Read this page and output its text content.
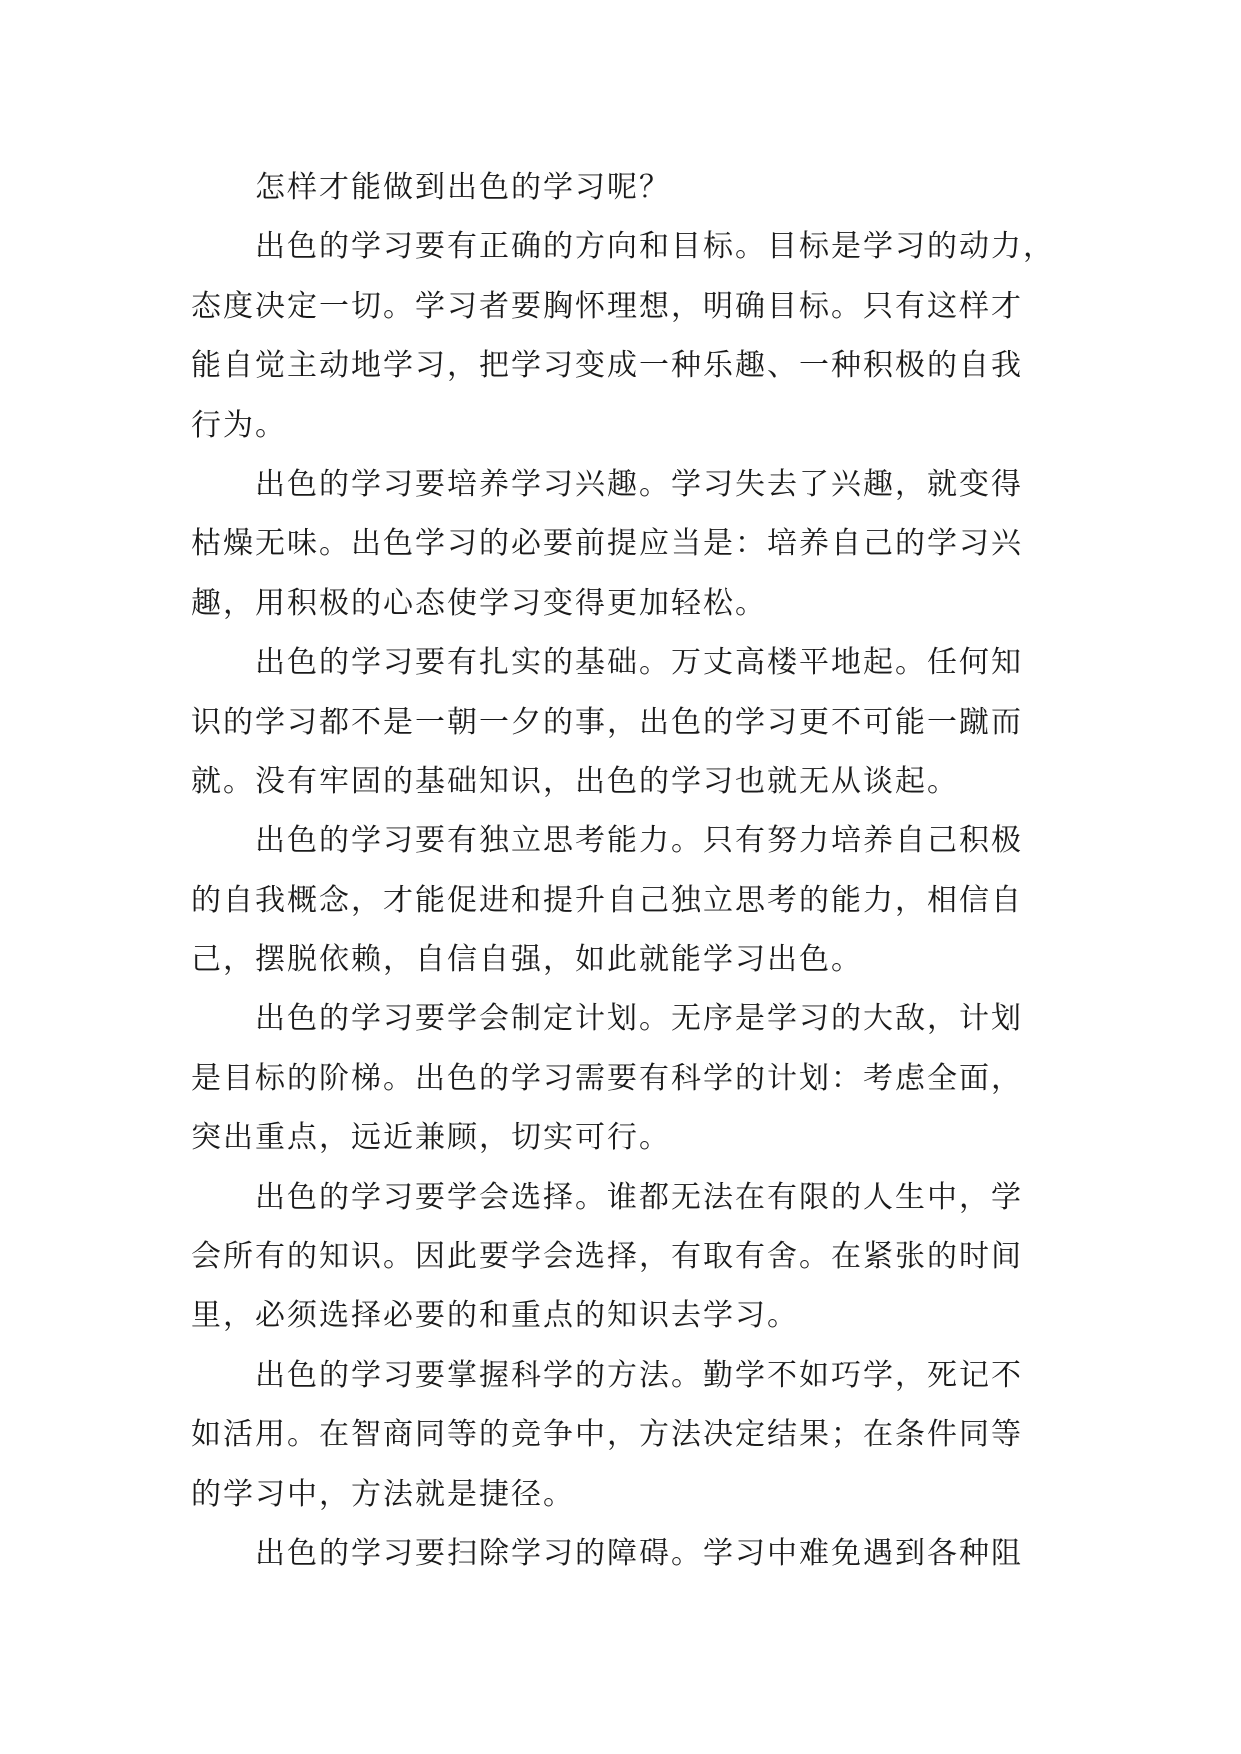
怎样才能做到出色的学习呢？
出色的学习要有正确的方向和目标。目标是学习的动力，
态度决定一切。学习者要胸怀理想，明确目标。只有这样才
能自觉主动地学习，把学习变成一种乐趣、一种积极的自我
行为。
出色的学习要培养学习兴趣。学习失去了兴趣，就变得
枯燥无味。出色学习的必要前提应当是：培养自己的学习兴
趣，用积极的心态使学习变得更加轻松。
出色的学习要有扎实的基础。万丈高楼平地起。任何知
识的学习都不是一朝一夕的事，出色的学习更不可能一蹴而
就。没有牢固的基础知识，出色的学习也就无从谈起。
出色的学习要有独立思考能力。只有努力培养自己积极
的自我概念，才能促进和提升自己独立思考的能力，相信自
己，摆脱依赖，自信自强，如此就能学习出色。
出色的学习要学会制定计划。无序是学习的大敌，计划
是目标的阶梯。出色的学习需要有科学的计划：考虑全面，
突出重点，远近兼顾，切实可行。
出色的学习要学会选择。谁都无法在有限的人生中，学
会所有的知识。因此要学会选择，有取有舍。在紧张的时间
里，必须选择必要的和重点的知识去学习。
出色的学习要掌握科学的方法。勤学不如巧学，死记不
如活用。在智商同等的竞争中，方法决定结果；在条件同等
的学习中，方法就是捷径。
出色的学习要扫除学习的障碍。学习中难免遇到各种阻
